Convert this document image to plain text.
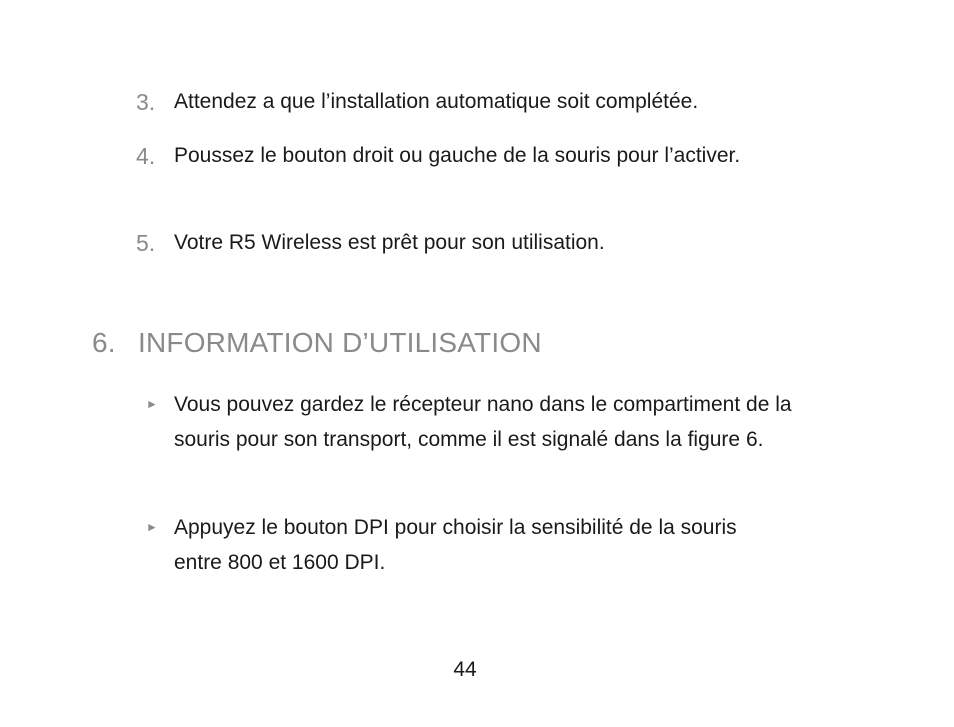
3. Attendez a que l’installation automatique soit complétée.
4. Poussez le bouton droit ou gauche de la souris pour l’activer.
5. Votre R5 Wireless est prêt pour son utilisation.
6. INFORMATION D’UTILISATION
► Vous pouvez gardez le récepteur nano dans le compartiment de la souris pour son transport, comme il est signalé dans la figure 6.
► Appuyez le bouton DPI pour choisir la sensibilité de la souris entre 800 et 1600 DPI.
44
